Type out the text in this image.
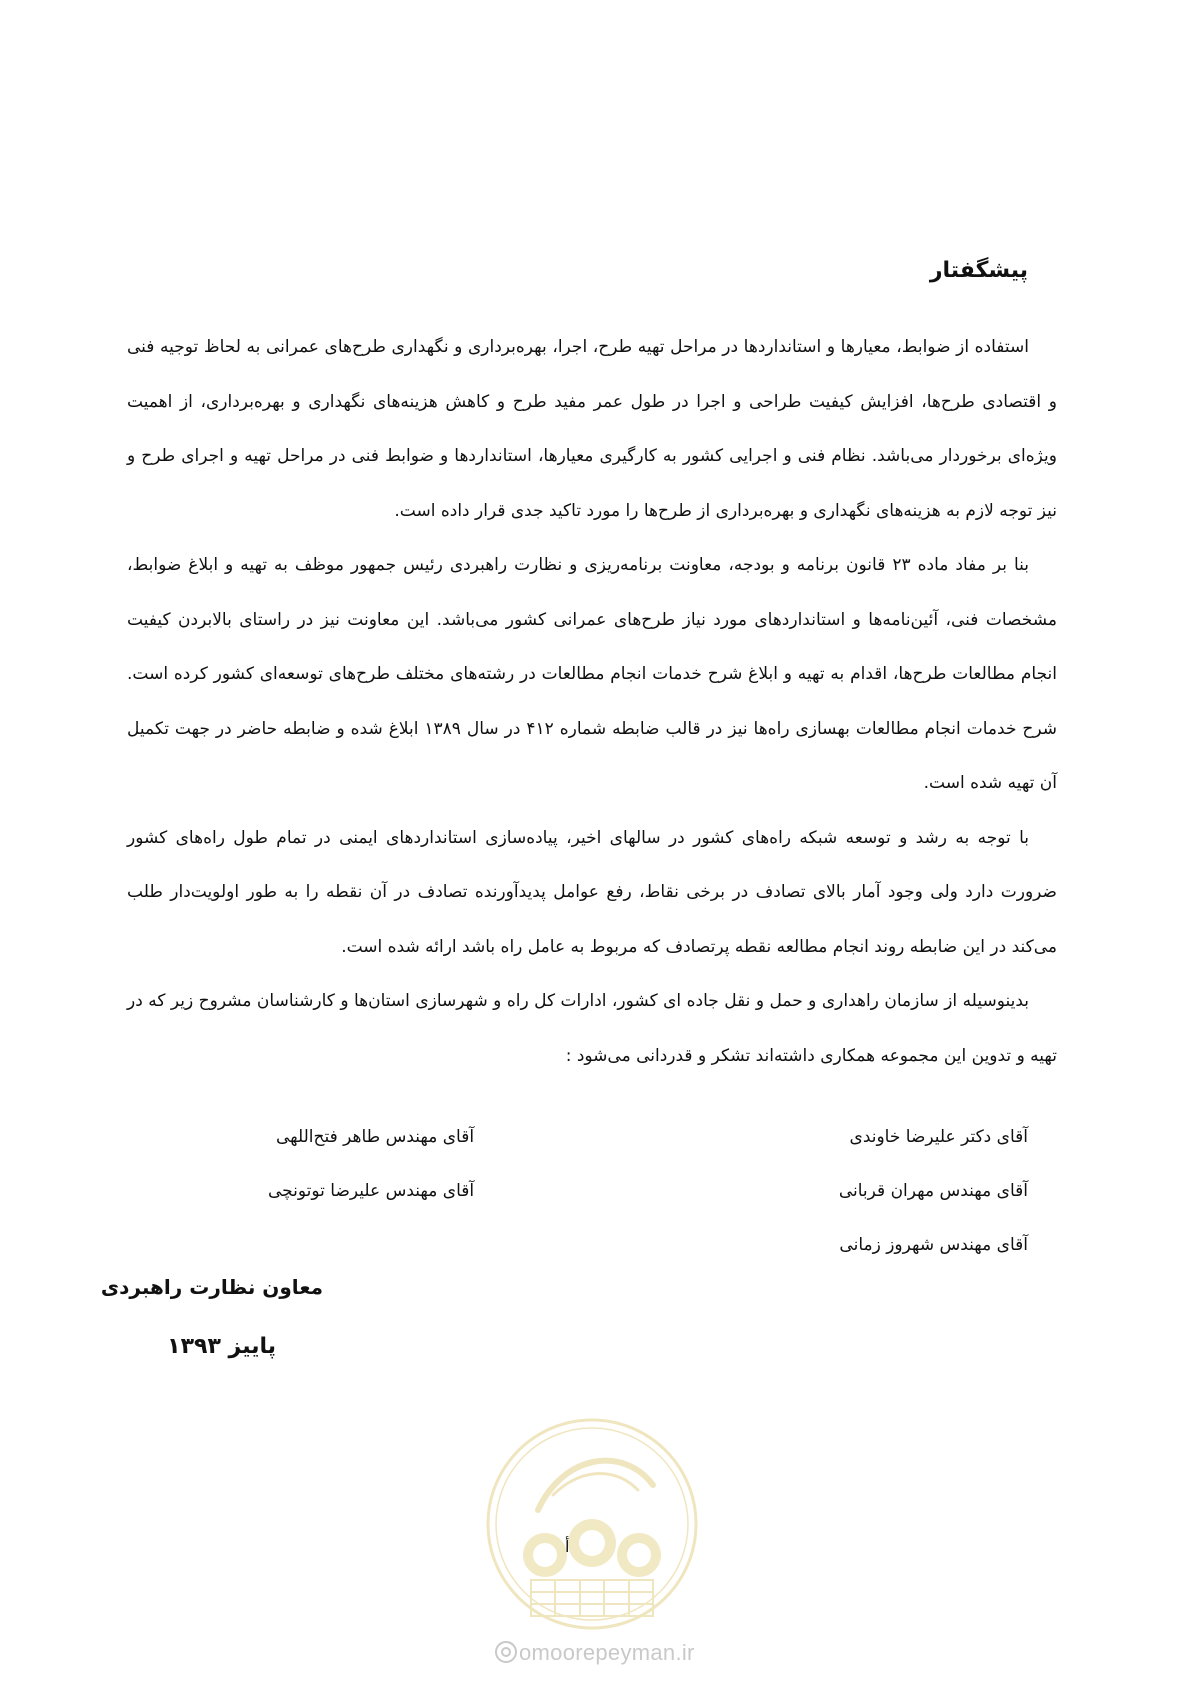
پیشگفتار

استفاده از ضوابط، معیارها و استانداردها در مراحل تهیه طرح، اجرا، بهره‌برداری و نگهداری طرح‌های عمرانی به لحاظ توجیه فنی و اقتصادی طرح‌ها، افزایش کیفیت طراحی و اجرا در طول عمر مفید طرح و کاهش هزینه‌های نگهداری و بهره‌برداری، از اهمیت ویژه‌ای برخوردار می‌باشد. نظام فنی و اجرایی کشور به کارگیری معیارها، استانداردها و ضوابط فنی در مراحل تهیه و اجرای طرح و نیز توجه لازم به هزینه‌های نگهداری و بهره‌برداری از طرح‌ها را مورد تاکید جدی قرار داده است.

بنا بر مفاد ماده ۲۳ قانون برنامه و بودجه، معاونت برنامه‌ریزی و نظارت راهبردی رئیس جمهور موظف به تهیه و ابلاغ ضوابط، مشخصات فنی، آئین‌نامه‌ها و استانداردهای مورد نیاز طرح‌های عمرانی کشور می‌باشد. این معاونت نیز در راستای بالابردن کیفیت انجام مطالعات طرح‌ها، اقدام به تهیه و ابلاغ شرح خدمات انجام مطالعات در رشته‌های مختلف طرح‌های توسعه‌ای کشور کرده است. شرح خدمات انجام مطالعات بهسازی راه‌ها نیز در قالب ضابطه شماره ۴۱۲ در سال ۱۳۸۹ ابلاغ شده و ضابطه حاضر در جهت تکمیل آن تهیه شده است.

با توجه به رشد و توسعه شبکه راه‌های کشور در سالهای اخیر، پیاده‌سازی استانداردهای ایمنی در تمام طول راه‌های کشور ضرورت دارد ولی وجود آمار بالای تصادف در برخی نقاط، رفع عوامل پدیدآورنده تصادف در آن نقطه را به طور اولویت‌دار طلب می‌کند در این ضابطه روند انجام مطالعه نقطه پرتصادف که مربوط به عامل راه باشد ارائه شده است.

بدینوسیله از سازمان راهداری و حمل و نقل جاده ای کشور، ادارات کل راه و شهرسازی استان‌ها و کارشناسان مشروح زیر که در تهیه و تدوین این مجموعه همکاری داشته‌اند تشکر و قدردانی می‌شود :

آقای دکتر علیرضا خاوندی
آقای مهندس طاهر فتح‌اللهی
آقای مهندس مهران قربانی
آقای مهندس علیرضا توتونچی
آقای مهندس شهروز زمانی
معاون نظارت راهبردی
پاییز ۱۳۹۳
أ
omoorepeyman.ir
